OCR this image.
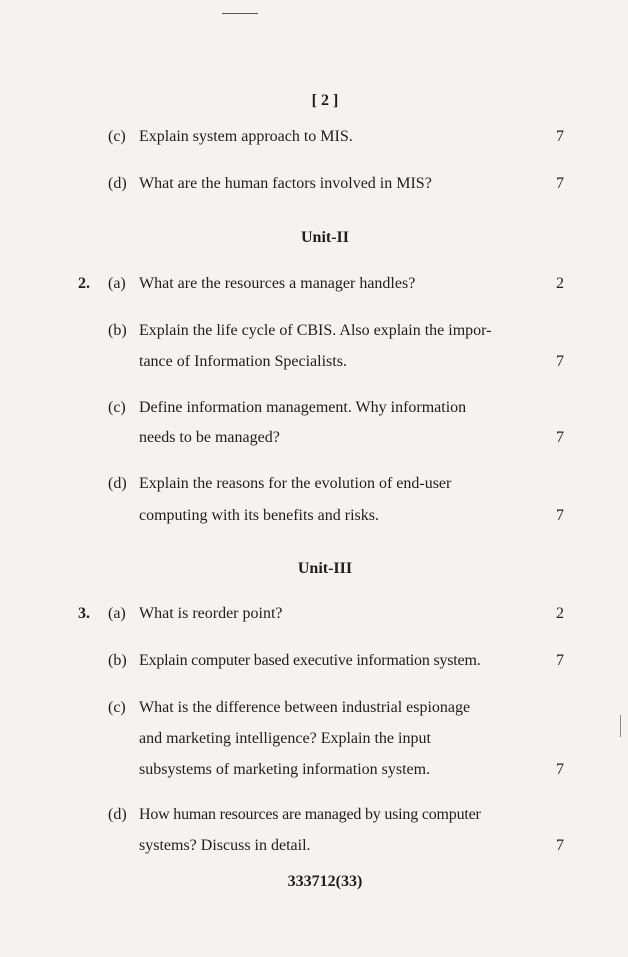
[ 2 ]
(c) Explain system approach to MIS.	7
(d) What are the human factors involved in MIS?	7
Unit-II
2. (a) What are the resources a manager handles?	2
(b) Explain the life cycle of CBIS. Also explain the impor-
tance of Information Specialists.	7
(c) Define information management. Why information
needs to be managed?	7
(d) Explain the reasons for the evolution of end-user
computing with its benefits and risks.	7
Unit-III
3. (a) What is reorder point?	2
(b) Explain computer based executive information system.	7
(c) What is the difference between industrial espionage
and marketing intelligence? Explain the input
subsystems of marketing information system.	7
(d) How human resources are managed by using computer
systems? Discuss in detail.	7
333712(33)
